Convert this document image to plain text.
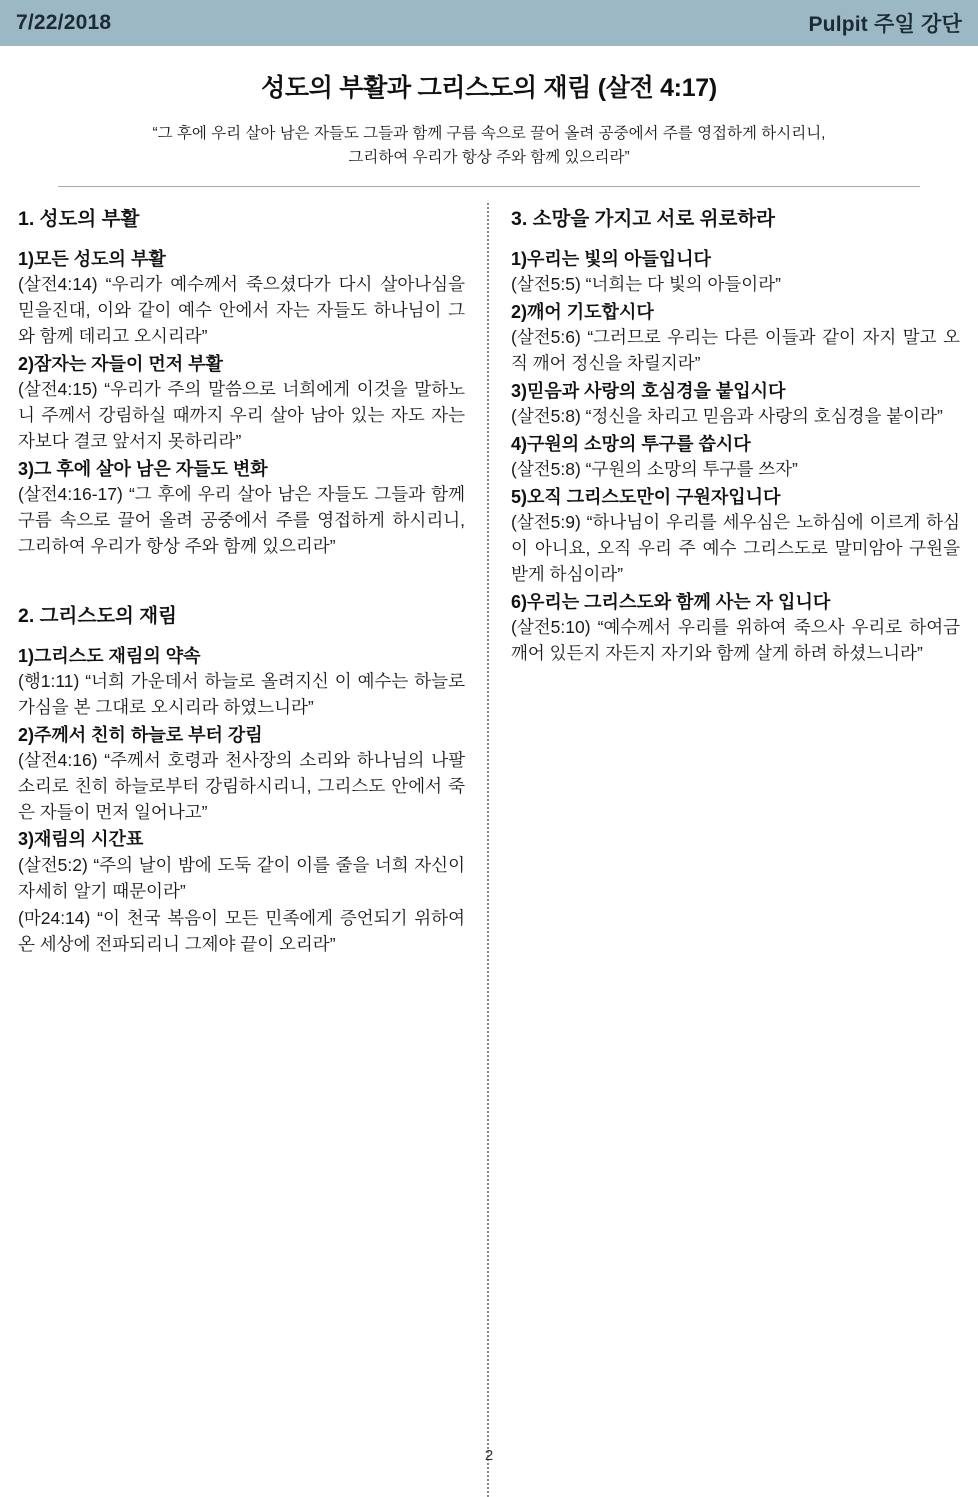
7/22/2018	Pulpit 주일 강단
성도의 부활과 그리스도의 재림 (살전 4:17)
“그 후에 우리 살아 남은 자들도 그들과 함께 구름 속으로 끌어 올려 공중에서 주를 영접하게 하시리니,
그리하여 우리가 항상 주와 함께 있으리라”
1. 성도의 부활
1)모든 성도의 부활

(살전4:14) “우리가 예수께서 죽으셨다가 다시 살아나심을 믿을진대, 이와 같이 예수 안에서 자는 자들도 하나님이 그와 함께 데리고 오시리라”

2)잠자는 자들이 먼저 부활

(살전4:15) “우리가 주의 말씀으로 너희에게 이것을 말하노니 주께서 강림하실 때까지 우리 살아 남아 있는 자도 자는 자보다 결코 앞서지 못하리라”

3)그 후에 살아 남은 자들도 변화

(살전4:16-17) “그 후에 우리 살아 남은 자들도 그들과 함께 구름 속으로 끌어 올려 공중에서 주를 영접하게 하시리니, 그리하여 우리가 항상 주와 함께 있으리라”

2. 그리스도의 재림
1)그리스도 재림의 약속

(행1:11) “너희 가운데서 하늘로 올려지신 이 예수는 하늘로 가심을 본 그대로 오시리라 하였느니라”

2)주께서 친히 하늘로 부터 강림

(살전4:16) “주께서 호령과 천사장의 소리와 하나님의 나팔 소리로 친히 하늘로부터 강림하시리니, 그리스도 안에서 죽은 자들이 먼저 일어나고”

3)재림의 시간표

(살전5:2) “주의 날이 밤에 도둑 같이 이를 줄을 너희 자신이 자세히 알기 때문이라”

(마24:14) “이 천국 복음이 모든 민족에게 증언되기 위하여 온 세상에 전파되리니 그제야 끝이 오리라”

3. 소망을 가지고 서로 위로하라
1)우리는 빛의 아들입니다

(살전5:5) “너희는 다 빛의 아들이라”

2)깨어 기도합시다

(살전5:6) “그러므로 우리는 다른 이들과 같이 자지 말고 오직 깨어 정신을 차릴지라”

3)믿음과 사랑의 호심경을 붙입시다

(살전5:8) “정신을 차리고 믿음과 사랑의 호심경을 붙이라”

4)구원의 소망의 투구를 씁시다

(살전5:8) “구원의 소망의 투구를 쓰자”

5)오직 그리스도만이 구원자입니다

(살전5:9) “하나님이 우리를 세우심은 노하심에 이르게 하심이 아니요, 오직 우리 주 예수 그리스도로 말미암아 구원을 받게 하심이라”

6)우리는 그리스도와 함께 사는 자 입니다

(살전5:10) “예수께서 우리를 위하여 죽으사 우리로 하여금 깨어 있든지 자든지 자기와 함께 살게 하려 하셨느니라”

2
